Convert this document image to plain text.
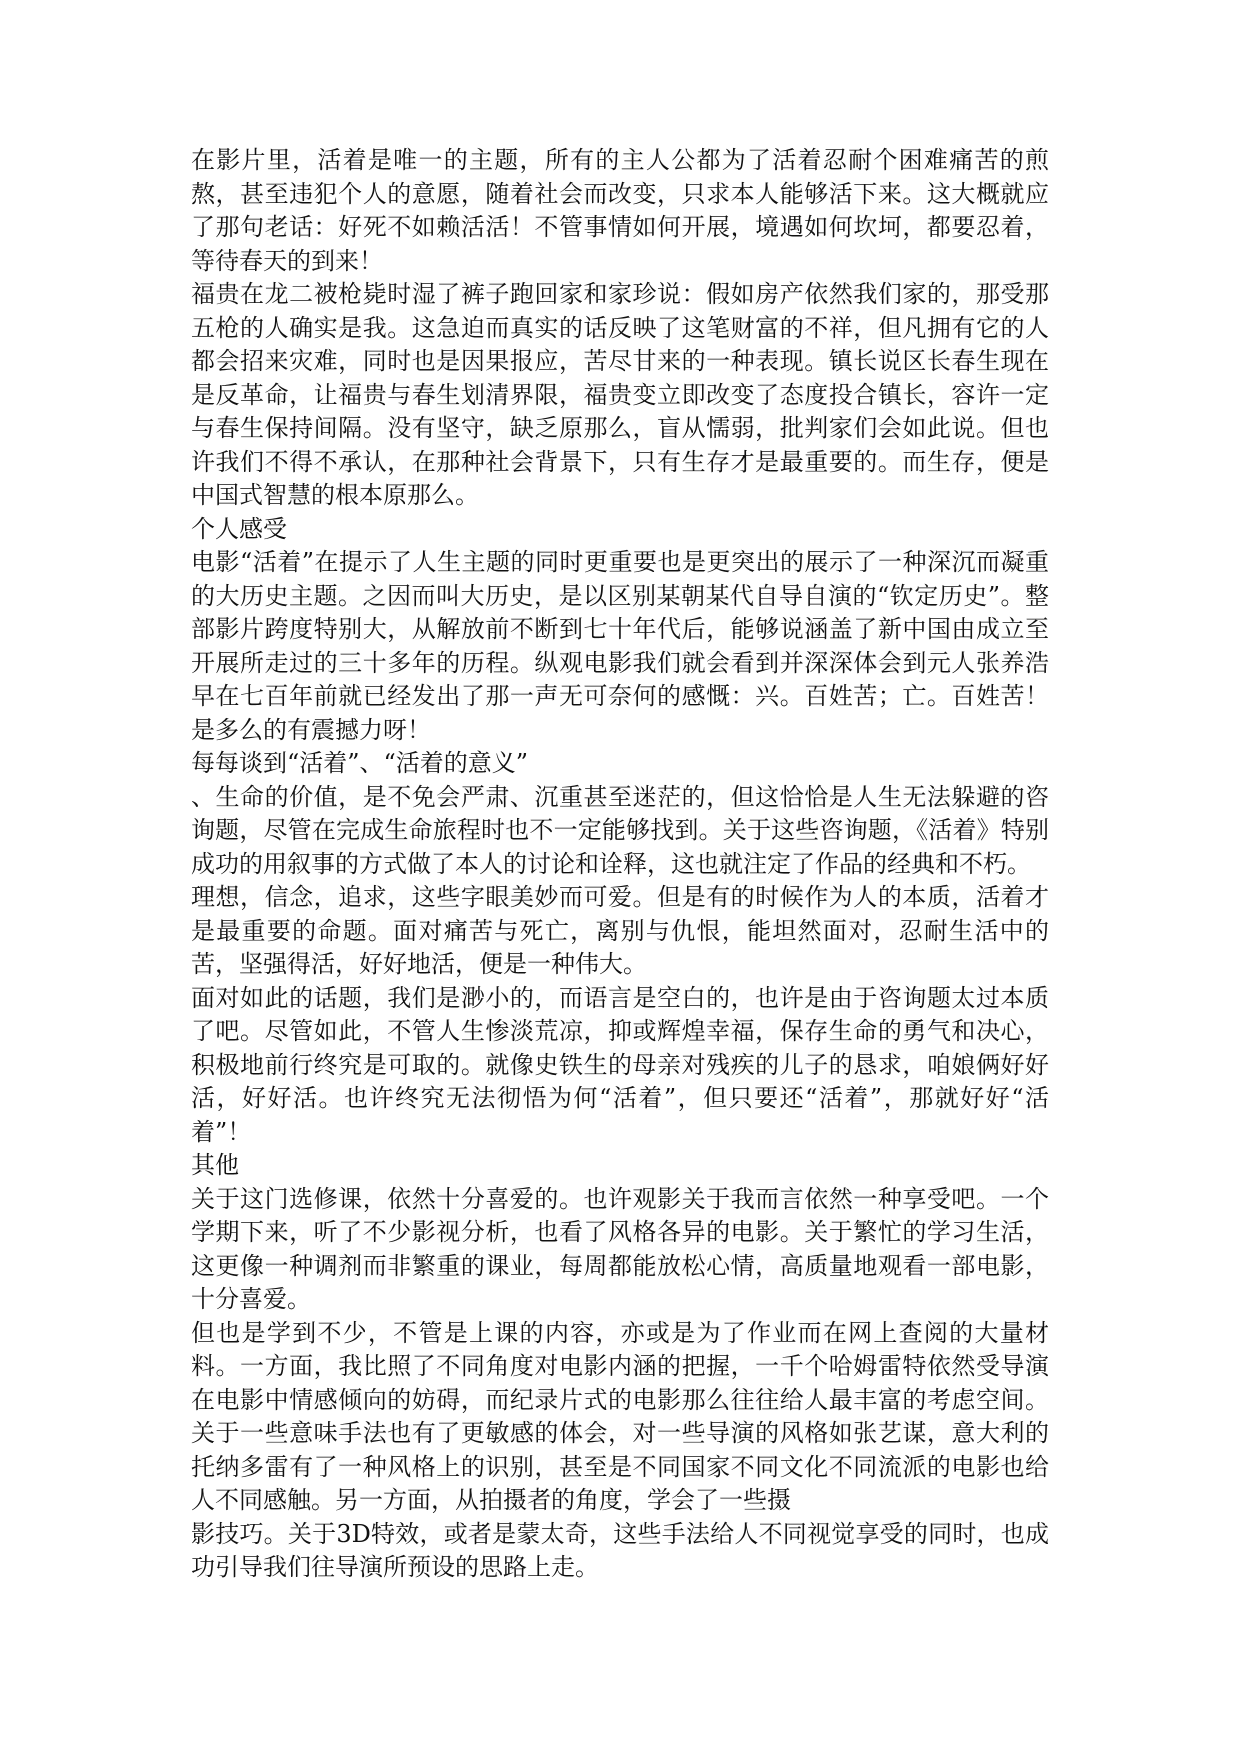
在影片里，活着是唯一的主题，所有的主人公都为了活着忍耐个困难痛苦的煎熬，甚至违犯个人的意愿，随着社会而改变，只求本人能够活下来。这大概就应了那句老话：好死不如赖活活！不管事情如何开展，境遇如何坎坷，都要忍着，等待春天的到来！

福贵在龙二被枪毙时湿了裤子跑回家和家珍说：假如房产依然我们家的，那受那五枪的人确实是我。这急迫而真实的话反映了这笔财富的不祥，但凡拥有它的人都会招来灾难，同时也是因果报应，苦尽甘来的一种表现。镇长说区长春生现在是反革命，让福贵与春生划清界限，福贵变立即改变了态度投合镇长，容许一定与春生保持间隔。没有坚守，缺乏原那么，盲从懦弱，批判家们会如此说。但也许我们不得不承认，在那种社会背景下，只有生存才是最重要的。而生存，便是中国式智慧的根本原那么。

个人感受

电影“活着”在提示了人生主题的同时更重要也是更突出的展示了一种深沉而凝重的大历史主题。之因而叫大历史，是以区别某朝某代自导自演的“钦定历史”。整部影片跨度特别大，从解放前不断到七十年代后，能够说涵盖了新中国由成立至开展所走过的三十多年的历程。纵观电影我们就会看到并深深体会到元人张养浩早在七百年前就已经发出了那一声无可奈何的感慨：兴。百姓苦；亡。百姓苦！是多么的有震撼力呀！

每每谈到“活着”、“活着的意义”

、生命的价值，是不免会严肃、沉重甚至迷茫的，但这恰恰是人生无法躲避的咨询题，尽管在完成生命旅程时也不一定能够找到。关于这些咨询题，《活着》特别成功的用叙事的方式做了本人的讨论和诠释，这也就注定了作品的经典和不朽。

理想，信念，追求，这些字眼美妙而可爱。但是有的时候作为人的本质，活着才是最重要的命题。面对痛苦与死亡，离别与仇恨，能坦然面对，忍耐生活中的苦，坚强得活，好好地活，便是一种伟大。

面对如此的话题，我们是渺小的，而语言是空白的，也许是由于咨询题太过本质了吧。尽管如此，不管人生惨淡荒凉，抑或辉煌幸福，保存生命的勇气和决心，积极地前行终究是可取的。就像史铁生的母亲对残疾的儿子的恳求，咱娘俩好好活，好好活。也许终究无法彻悟为何“活着”，但只要还“活着”，那就好好“活着”！

其他

关于这门选修课，依然十分喜爱的。也许观影关于我而言依然一种享受吧。一个学期下来，听了不少影视分析，也看了风格各异的电影。关于繁忙的学习生活，这更像一种调剂而非繁重的课业，每周都能放松心情，高质量地观看一部电影，十分喜爱。

但也是学到不少，不管是上课的内容，亦或是为了作业而在网上查阅的大量材料。一方面，我比照了不同角度对电影内涵的把握，一千个哈姆雷特依然受导演在电影中情感倾向的妨碍，而纪录片式的电影那么往往给人最丰富的考虑空间。关于一些意味手法也有了更敏感的体会，对一些导演的风格如张艺谋，意大利的托纳多雷有了一种风格上的识别，甚至是不同国家不同文化不同流派的电影也给人不同感触。另一方面，从拍摄者的角度，学会了一些摄

影技巧。关于3D特效，或者是蒙太奇，这些手法给人不同视觉享受的同时，也成功引导我们往导演所预设的思路上走。
